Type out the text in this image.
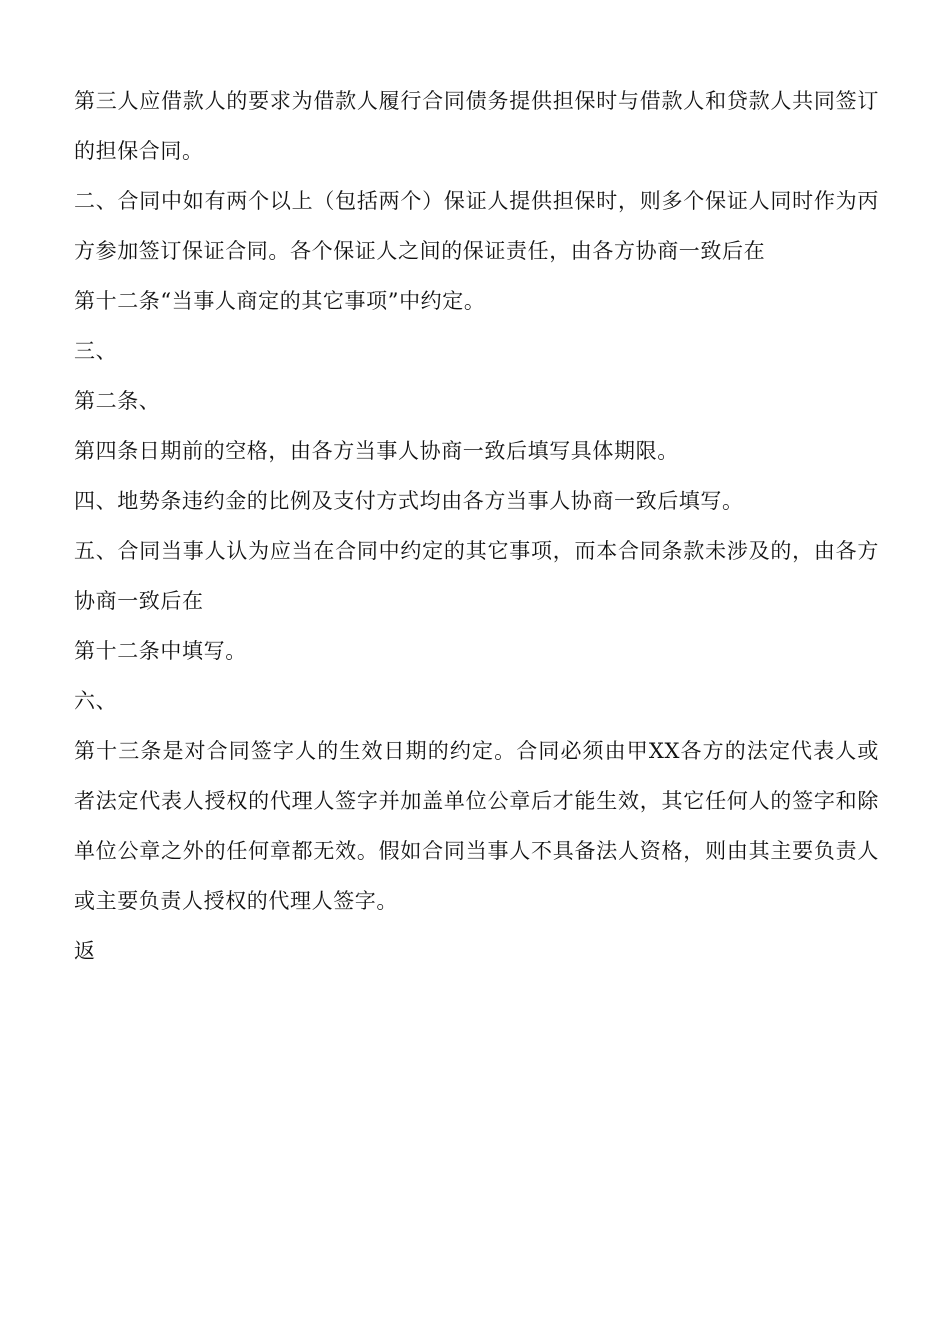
第三人应借款人的要求为借款人履行合同债务提供担保时与借款人和贷款人共同签订的担保合同。

二、合同中如有两个以上（包括两个）保证人提供担保时，则多个保证人同时作为丙方参加签订保证合同。各个保证人之间的保证责任，由各方协商一致后在

第十二条“当事人商定的其它事项”中约定。

三、

第二条、

第四条日期前的空格，由各方当事人协商一致后填写具体期限。

四、地势条违约金的比例及支付方式均由各方当事人协商一致后填写。

五、合同当事人认为应当在合同中约定的其它事项，而本合同条款未涉及的，由各方协商一致后在

第十二条中填写。

六、

第十三条是对合同签字人的生效日期的约定。合同必须由甲XX各方的法定代表人或者法定代表人授权的代理人签字并加盖单位公章后才能生效，其它任何人的签字和除单位公章之外的任何章都无效。假如合同当事人不具备法人资格，则由其主要负责人或主要负责人授权的代理人签字。

返
